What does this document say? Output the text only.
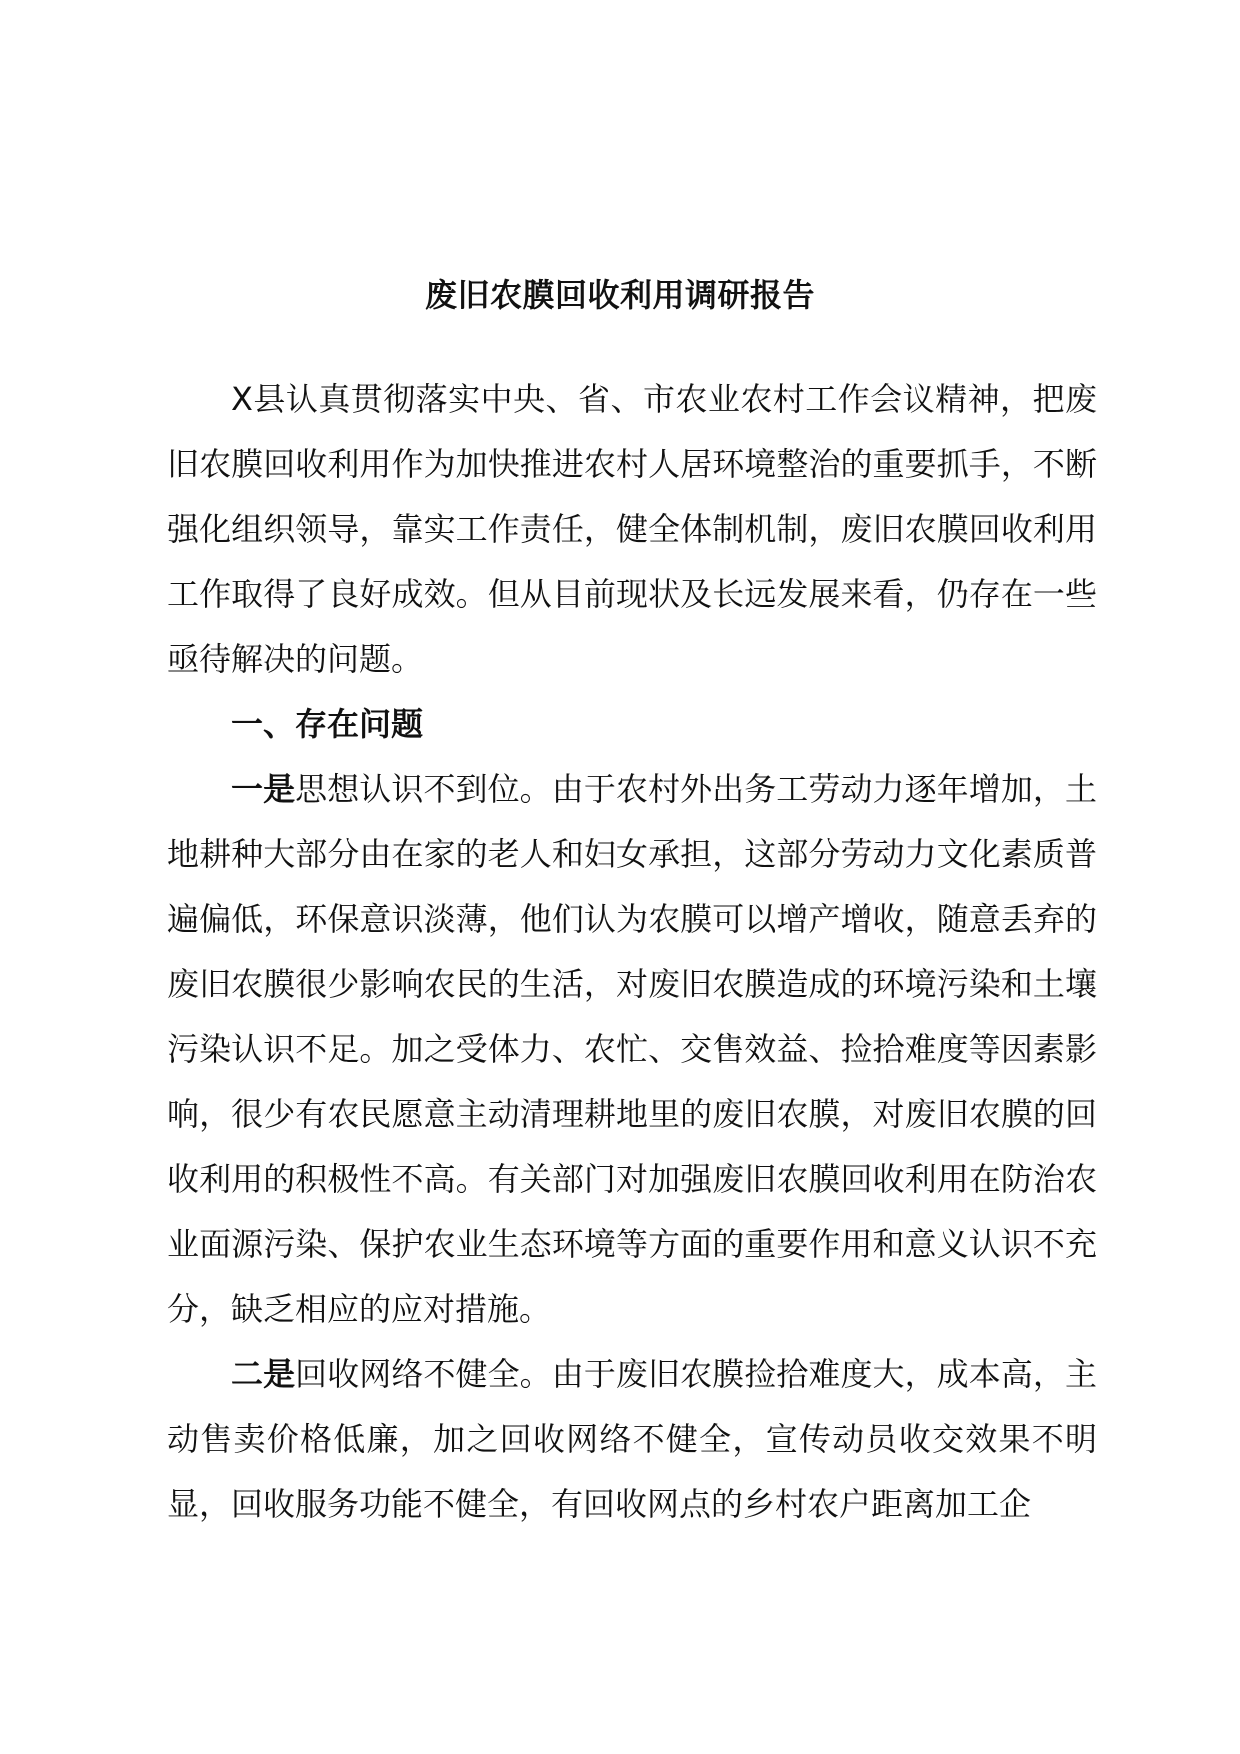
废旧农膜回收利用调研报告

X县认真贯彻落实中央、省、市农业农村工作会议精神，把废旧农膜回收利用作为加快推进农村人居环境整治的重要抓手，不断强化组织领导，靠实工作责任，健全体制机制，废旧农膜回收利用工作取得了良好成效。但从目前现状及长远发展来看，仍存在一些亟待解决的问题。

一、存在问题

一是思想认识不到位。由于农村外出务工劳动力逐年增加，土地耕种大部分由在家的老人和妇女承担，这部分劳动力文化素质普遍偏低，环保意识淡薄，他们认为农膜可以增产增收，随意丢弃的废旧农膜很少影响农民的生活，对废旧农膜造成的环境污染和土壤污染认识不足。加之受体力、农忙、交售效益、捡拾难度等因素影响，很少有农民愿意主动清理耕地里的废旧农膜，对废旧农膜的回收利用的积极性不高。有关部门对加强废旧农膜回收利用在防治农业面源污染、保护农业生态环境等方面的重要作用和意义认识不充分，缺乏相应的应对措施。

二是回收网络不健全。由于废旧农膜捡拾难度大，成本高，主动售卖价格低廉，加之回收网络不健全，宣传动员收交效果不明显，回收服务功能不健全，有回收网点的乡村农户距离加工企
